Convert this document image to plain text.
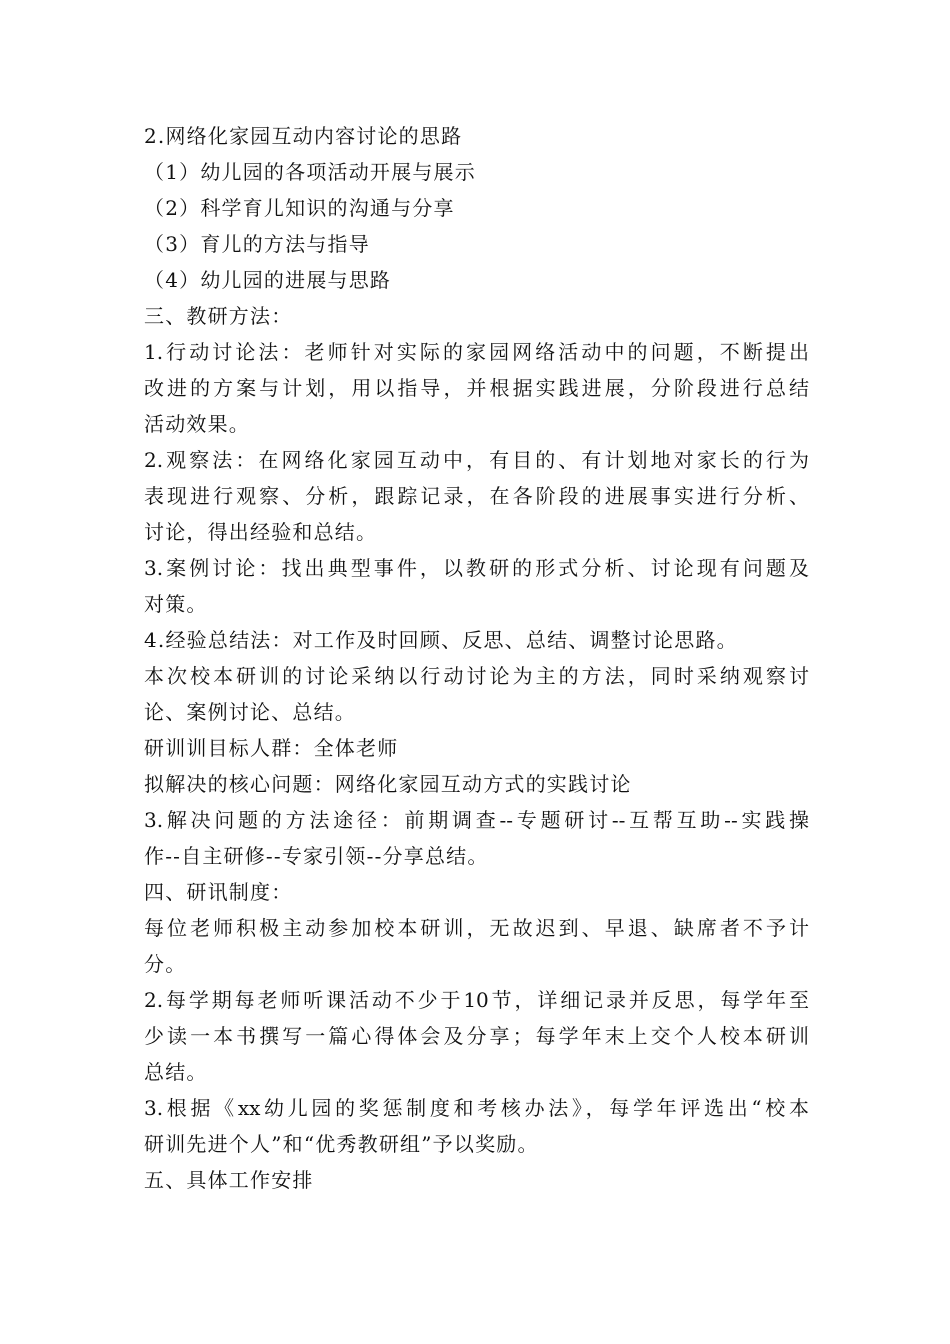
2.网络化家园互动内容讨论的思路
（1）幼儿园的各项活动开展与展示
（2）科学育儿知识的沟通与分享
（3）育儿的方法与指导
（4）幼儿园的进展与思路
三、教研方法：
1.行动讨论法：老师针对实际的家园网络活动中的问题，不断提出
改进的方案与计划，用以指导，并根据实践进展，分阶段进行总结
活动效果。
2.观察法：在网络化家园互动中，有目的、有计划地对家长的行为
表现进行观察、分析，跟踪记录，在各阶段的进展事实进行分析、
讨论，得出经验和总结。
3.案例讨论：找出典型事件，以教研的形式分析、讨论现有问题及
对策。
4.经验总结法：对工作及时回顾、反思、总结、调整讨论思路。
本次校本研训的讨论采纳以行动讨论为主的方法，同时采纳观察讨
论、案例讨论、总结。
研训训目标人群：全体老师
拟解决的核心问题：网络化家园互动方式的实践讨论
3.解决问题的方法途径：前期调查--专题研讨--互帮互助--实践操
作--自主研修--专家引领--分享总结。
四、研讯制度：
每位老师积极主动参加校本研训，无故迟到、早退、缺席者不予计
分。
2.每学期每老师听课活动不少于10节，详细记录并反思，每学年至
少读一本书撰写一篇心得体会及分享；每学年末上交个人校本研训
总结。
3.根据《xx幼儿园的奖惩制度和考核办法》，每学年评选出“校本
研训先进个人”和“优秀教研组”予以奖励。
五、具体工作安排
